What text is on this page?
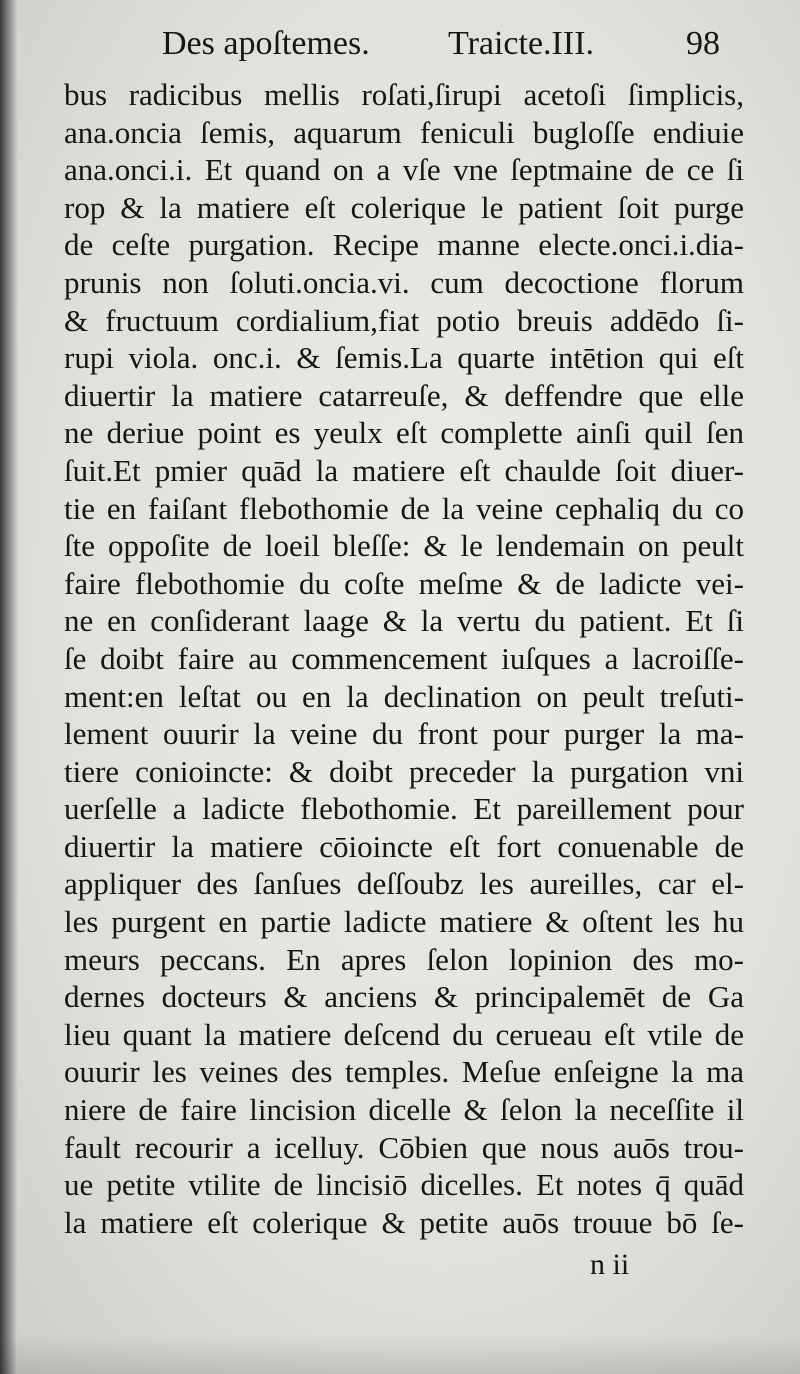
Des apoſtemes. Traicte.III.	98
bus radicibus mellis roſati,ſirupi acetoſi ſimplicis,
ana.oncia ſemis, aquarum feniculi bugloſſe endiuie
ana.onci.i. Et quand on a vſe vne ſeptmaine de ce ſi
rop & la matiere eſt colerique le patient ſoit purge
de ceſte purgation. Recipe manne electe.onci.i.dia-
prunis non ſoluti.oncia.vi. cum decoctione florum
& fructuum cordialium,fiat potio breuis addēdo ſi-
rupi viola. onc.i. & ſemis.La quarte intētion qui eſt
diuertir la matiere catarreuſe, & deffendre que elle
ne deriue point es yeulx eſt complette ainſi quil ſen
ſuit.Et pmier quād la matiere eſt chaulde ſoit diuer-
tie en faiſant flebothomie de la veine cephaliq du co
ſte oppoſite de loeil bleſſe: & le lendemain on peult
faire flebothomie du coſte meſme & de ladicte vei-
ne en conſiderant laage & la vertu du patient. Et ſi
ſe doibt faire au commencement iuſques a lacroiſſe-
ment:en leſtat ou en la declination on peult treſuti-
lement ouurir la veine du front pour purger la ma-
tiere conioincte: & doibt preceder la purgation vni
uerſelle a ladicte flebothomie. Et pareillement pour
diuertir la matiere cōioincte eſt fort conuenable de
appliquer des ſanſues deſſoubz les aureilles, car el-
les purgent en partie ladicte matiere & oſtent les hu
meurs peccans. En apres ſelon lopinion des mo-
dernes docteurs & anciens & principalemēt de Ga
lieu quant la matiere deſcend du cerueau eſt vtile de
ouurir les veines des temples. Meſue enſeigne la ma
niere de faire lincision dicelle & ſelon la neceſſite il
fault recourir a icelluy. Cōbien que nous auōs trou-
ue petite vtilite de lincisiō dicelles. Et notes q̄ quād
la matiere eſt colerique & petite auōs trouue bō ſe-
n ii
